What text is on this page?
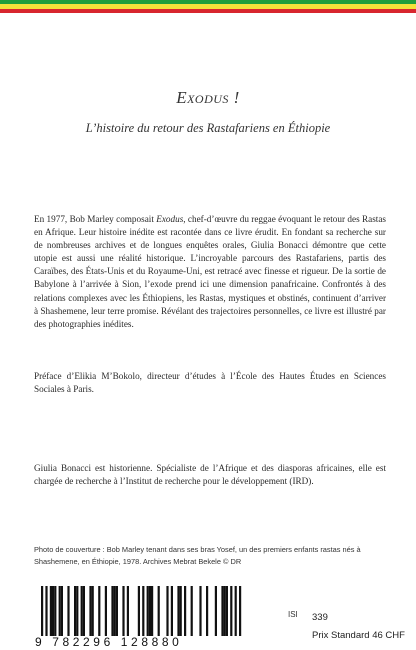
Exodus !
L’histoire du retour des Rastafariens en Éthiopie

En 1977, Bob Marley composait Exodus, chef-d’œuvre du reggae évoquant le retour des Rastas en Afrique. Leur histoire inédite est racontée dans ce livre érudit. En fondant sa recherche sur de nombreuses archives et de longues enquêtes orales, Giulia Bonacci démontre que cette utopie est aussi une réalité historique. L’incroyable parcours des Rastafariens, partis des Caraïbes, des États-Unis et du Royaume-Uni, est retracé avec finesse et rigueur. De la sortie de Babylone à l’arrivée à Sion, l’exode prend ici une dimension panafricaine. Confrontés à des relations complexes avec les Éthiopiens, les Rastas, mystiques et obstinés, continuent d’arriver à Shashemene, leur terre promise. Révélant des trajectoires personnelles, ce livre est illustré par des photographies inédites.

Préface d’Elikia M’Bokolo, directeur d’études à l’École des Hautes Études en Sciences Sociales à Paris.

Giulia Bonacci est historienne. Spécialiste de l’Afrique et des diasporas africaines, elle est chargée de recherche à l’Institut de recherche pour le développement (IRD).

Photo de couverture : Bob Marley tenant dans ses bras Yosef, un des premiers enfants rastas nés à Shashemene, en Éthiopie, 1978. Archives Mebrat Bekele © DR

9 782296 128880
ISI 339
Prix Standard 46 CHF
